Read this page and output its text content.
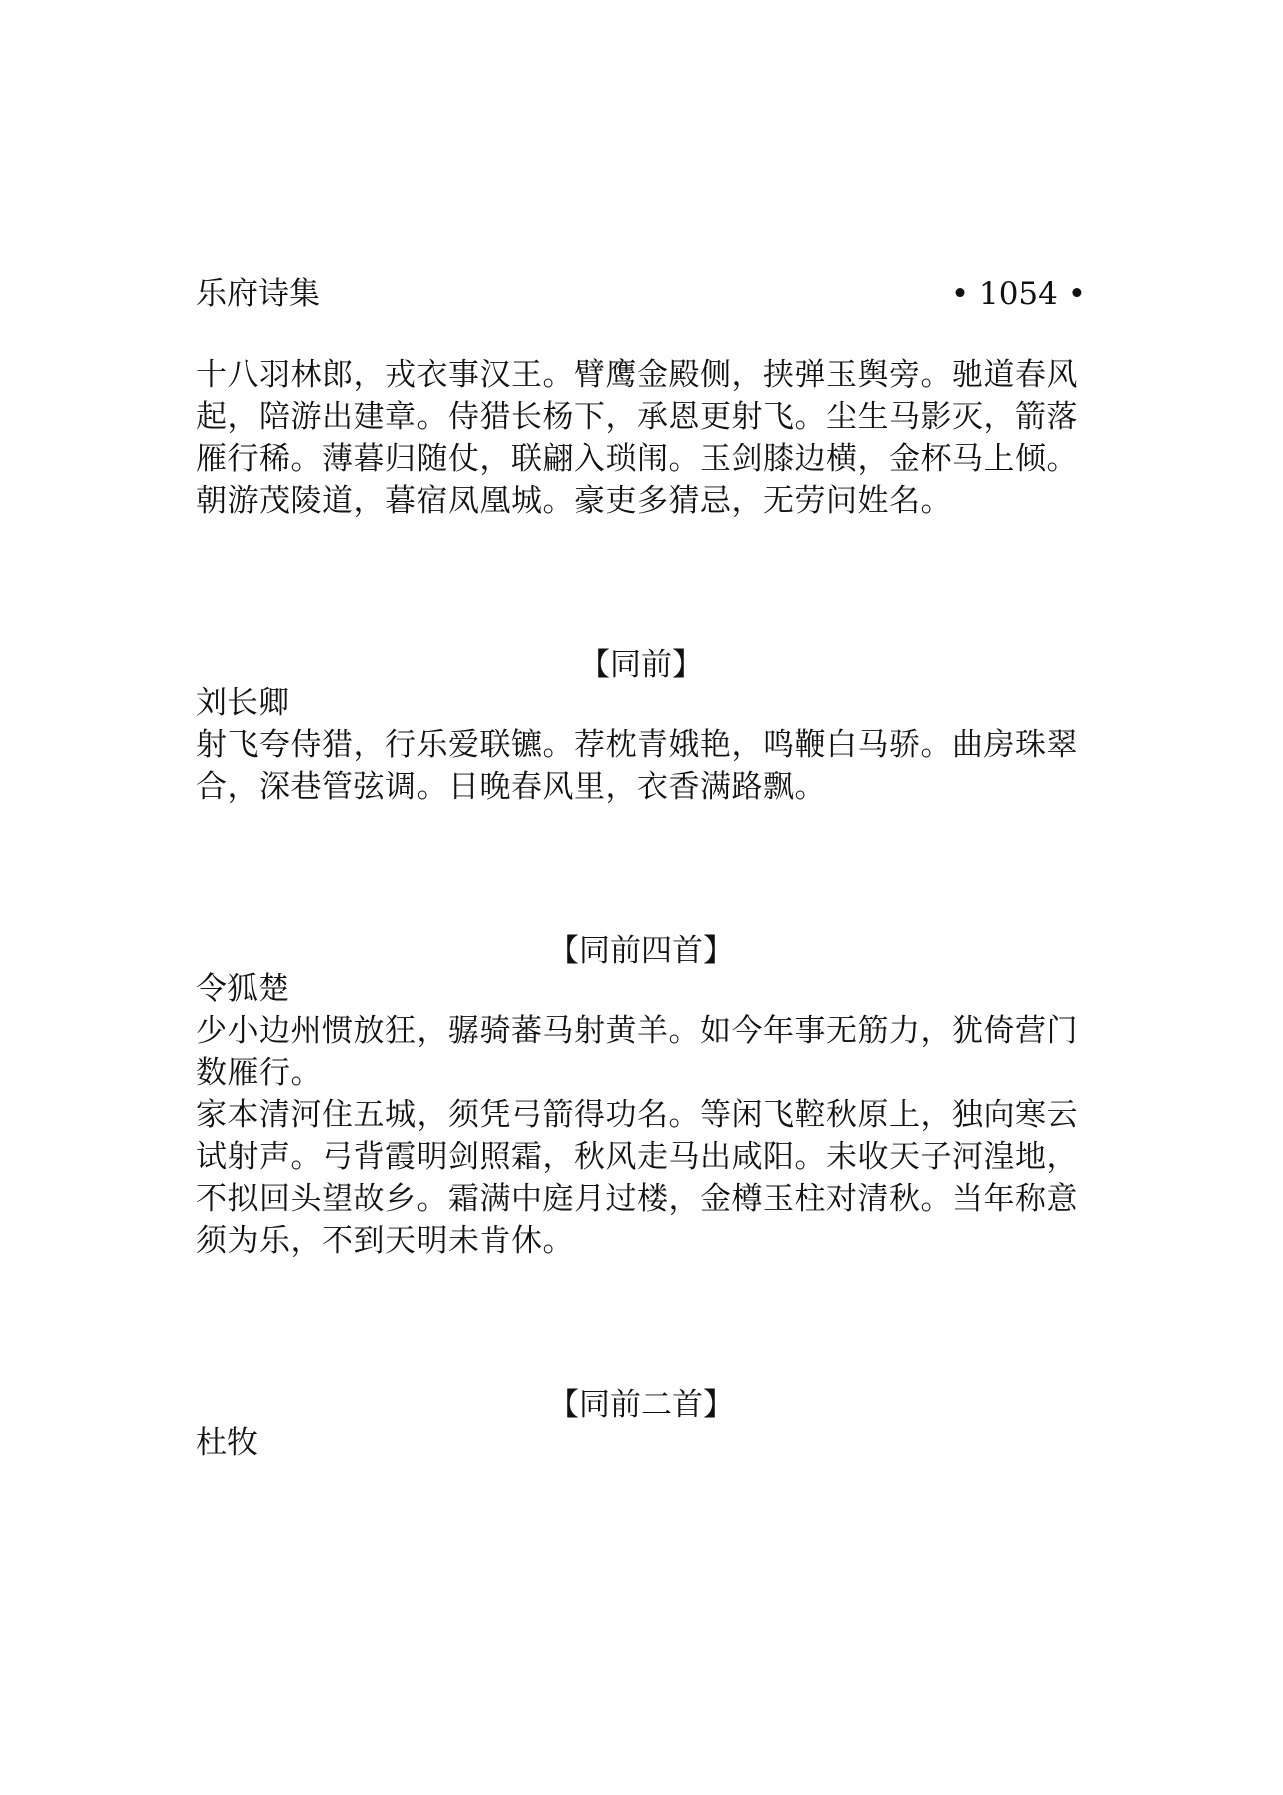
乐府诗集	• 1054 •

十八羽林郎，戎衣事汉王。臂鹰金殿侧，挟弹玉舆旁。驰道春风起，陪游出建章。侍猎长杨下，承恩更射飞。尘生马影灭，箭落雁行稀。薄暮归随仗，联翩入琐闱。玉剑膝边横，金杯马上倾。朝游茂陵道，暮宿凤凰城。豪吏多猜忌，无劳问姓名。

【同前】

刘长卿

射飞夸侍猎，行乐爱联镳。荐枕青娥艳，鸣鞭白马骄。曲房珠翠合，深巷管弦调。日晚春风里，衣香满路飘。

【同前四首】

令狐楚

少小边州惯放狂，骣骑蕃马射黄羊。如今年事无筋力，犹倚营门数雁行。

家本清河住五城，须凭弓箭得功名。等闲飞鞚秋原上，独向寒云试射声。弓背霞明剑照霜，秋风走马出咸阳。未收天子河湟地，不拟回头望故乡。霜满中庭月过楼，金樽玉柱对清秋。当年称意须为乐，不到天明未肯休。

【同前二首】

杜牧
